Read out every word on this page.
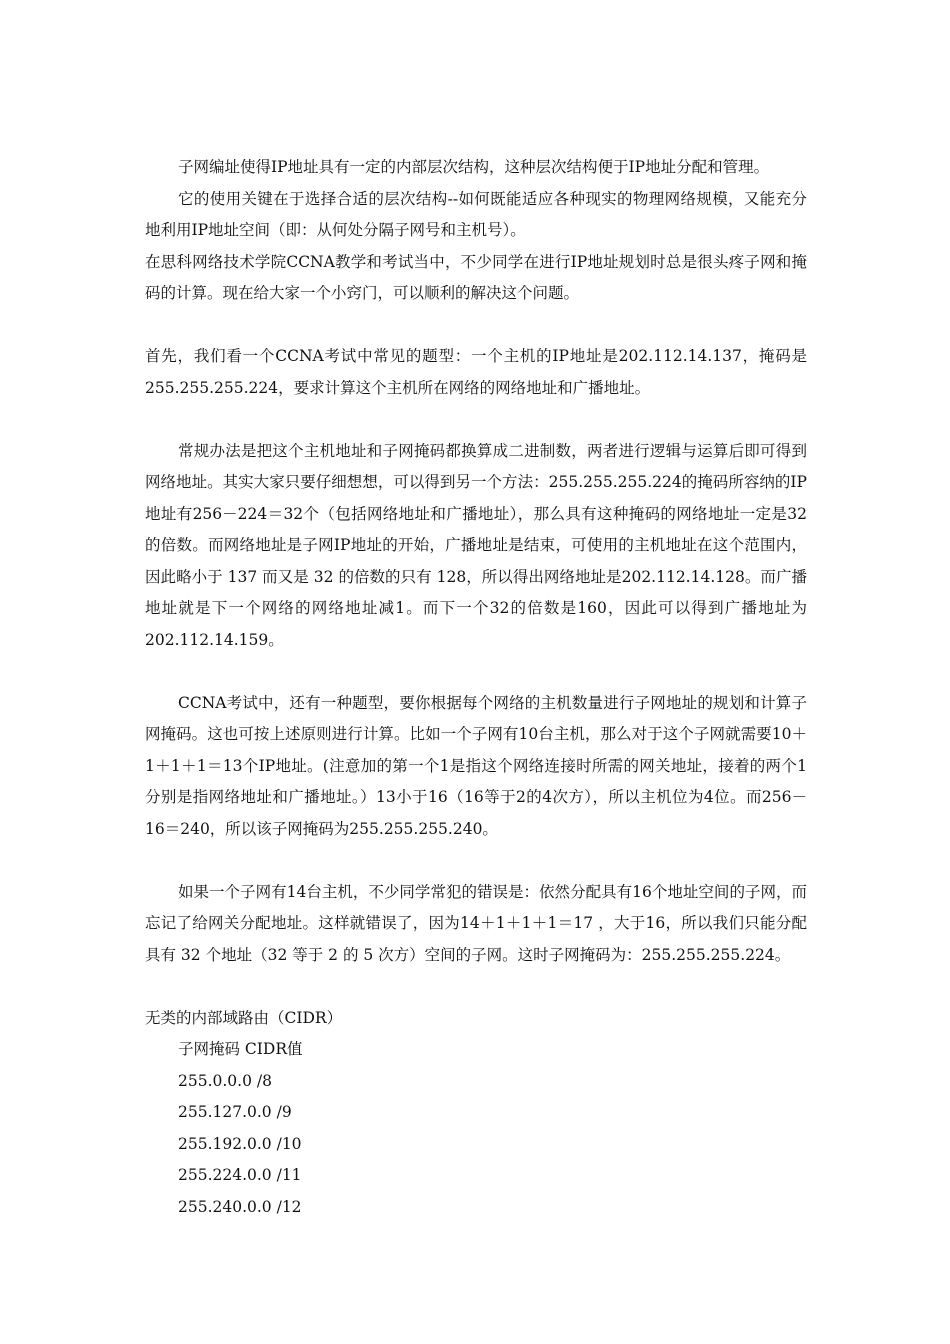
子网编址使得IP地址具有一定的内部层次结构，这种层次结构便于IP地址分配和管理。

它的使用关键在于选择合适的层次结构--如何既能适应各种现实的物理网络规模，又能充分地利用IP地址空间（即：从何处分隔子网号和主机号）。

在思科网络技术学院CCNA教学和考试当中，不少同学在进行IP地址规划时总是很头疼子网和掩码的计算。现在给大家一个小窍门，可以顺利的解决这个问题。

首先，我们看一个CCNA考试中常见的题型：一个主机的IP地址是202.112.14.137，掩码是255.255.255.224，要求计算这个主机所在网络的网络地址和广播地址。

常规办法是把这个主机地址和子网掩码都换算成二进制数，两者进行逻辑与运算后即可得到网络地址。其实大家只要仔细想想，可以得到另一个方法：255.255.255.224的掩码所容纳的IP地址有256－224＝32个（包括网络地址和广播地址），那么具有这种掩码的网络地址一定是32的倍数。而网络地址是子网IP地址的开始，广播地址是结束，可使用的主机地址在这个范围内，因此略小于 137 而又是 32 的倍数的只有 128，所以得出网络地址是202.112.14.128。而广播地址就是下一个网络的网络地址减1。而下一个32的倍数是160，因此可以得到广播地址为202.112.14.159。

CCNA考试中，还有一种题型，要你根据每个网络的主机数量进行子网地址的规划和计算子网掩码。这也可按上述原则进行计算。比如一个子网有10台主机，那么对于这个子网就需要10＋1＋1＋1＝13个IP地址。(注意加的第一个1是指这个网络连接时所需的网关地址，接着的两个1分别是指网络地址和广播地址。）13小于16（16等于2的4次方），所以主机位为4位。而256－16＝240，所以该子网掩码为255.255.255.240。

如果一个子网有14台主机，不少同学常犯的错误是：依然分配具有16个地址空间的子网，而忘记了给网关分配地址。这样就错误了，因为14＋1＋1＋1＝17 ，大于16，所以我们只能分配具有 32 个地址（32 等于 2 的 5 次方）空间的子网。这时子网掩码为：255.255.255.224。

无类的内部域路由（CIDR）

子网掩码 CIDR值
255.0.0.0 /8
255.127.0.0 /9
255.192.0.0 /10
255.224.0.0 /11
255.240.0.0 /12
